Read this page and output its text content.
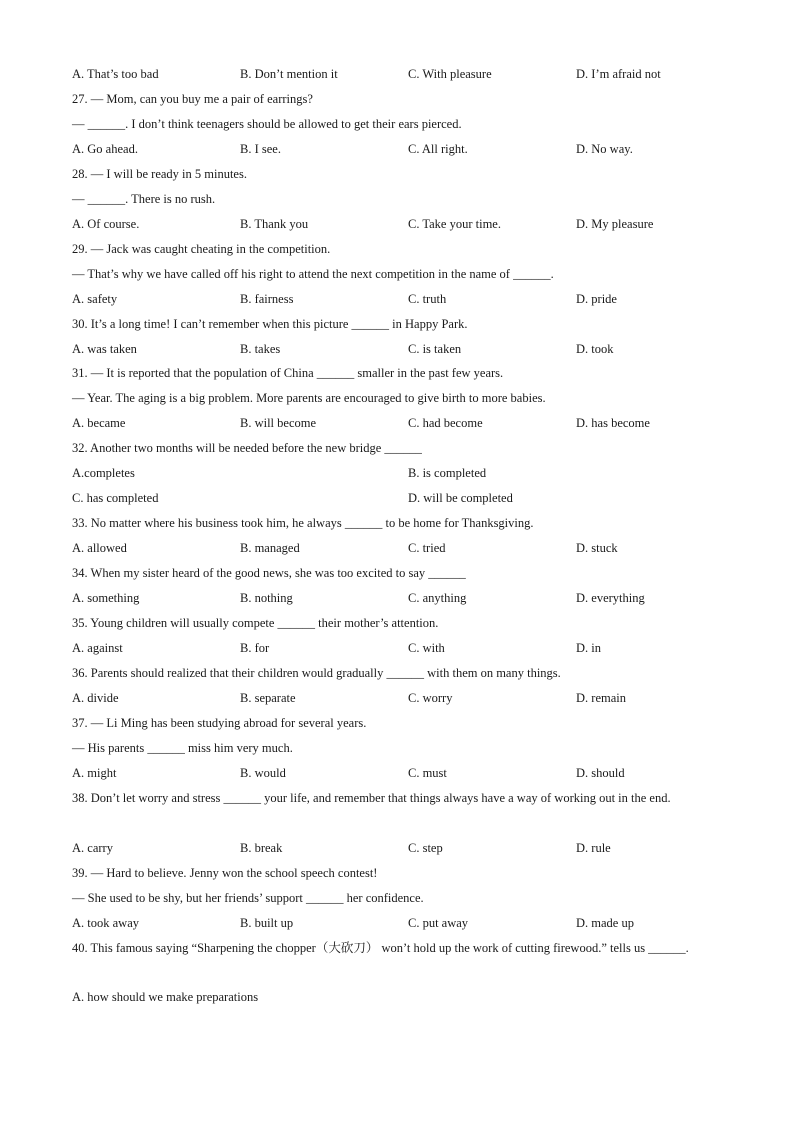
A. That’s too bad	B. Don’t mention it	C. With pleasure	D. I’m afraid not
27. — Mom, can you buy me a pair of earrings?
— ______. I don’t think teenagers should be allowed to get their ears pierced.
A. Go ahead.	B. I see.	C. All right.	D. No way.
28. — I will be ready in 5 minutes.
— ______. There is no rush.
A. Of course.	B. Thank you	C. Take your time.	D. My pleasure
29. — Jack was caught cheating in the competition.
— That’s why we have called off his right to attend the next competition in the name of ______.
A. safety	B. fairness	C. truth	D. pride
30. It’s a long time! I can’t remember when this picture ______ in Happy Park.
A. was taken	B. takes	C. is taken	D. took
31. — It is reported that the population of China ______ smaller in the past few years.
— Year. The aging is a big problem. More parents are encouraged to give birth to more babies.
A. became	B. will become	C. had become	D. has become
32. Another two months will be needed before the new bridge ______
A.completes	B. is completed
C. has completed	D. will be completed
33. No matter where his business took him, he always ______ to be home for Thanksgiving.
A. allowed	B. managed	C. tried	D. stuck
34. When my sister heard of the good news, she was too excited to say ______
A. something	B. nothing	C. anything	D. everything
35. Young children will usually compete ______ their mother’s attention.
A. against	B. for	C. with	D. in
36. Parents should realized that their children would gradually ______ with them on many things.
A. divide	B. separate	C. worry	D. remain
37. — Li Ming has been studying abroad for several years.
— His parents ______ miss him very much.
A. might	B. would	C. must	D. should
38. Don’t let worry and stress ______ your life, and remember that things always have a way of working out in the end.
A. carry	B. break	C. step	D. rule
39. — Hard to believe. Jenny won the school speech contest!
— She used to be shy, but her friends’ support ______ her confidence.
A. took away	B. built up	C. put away	D. made up
40. This famous saying “Sharpening the chopper（大砍刀） won’t hold up the work of cutting firewood.” tells us ______.
A. how should we make preparations
